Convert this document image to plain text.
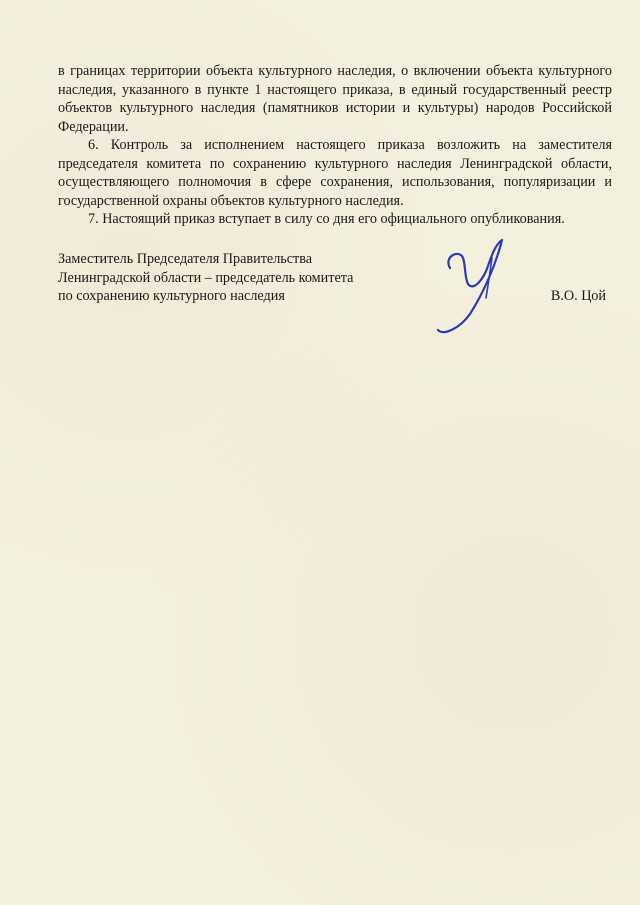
в границах территории объекта культурного наследия, о включении объекта культурного наследия, указанного в пункте 1 настоящего приказа, в единый государственный реестр объектов культурного наследия (памятников истории и культуры) народов Российской Федерации.

6. Контроль за исполнением настоящего приказа возложить на заместителя председателя комитета по сохранению культурного наследия Ленинградской области, осуществляющего полномочия в сфере сохранения, использования, популяризации и государственной охраны объектов культурного наследия.

7. Настоящий приказ вступает в силу со дня его официального опубликования.

Заместитель Председателя Правительства
Ленинградской области – председатель комитета
по сохранению культурного наследия	В.О. Цой
